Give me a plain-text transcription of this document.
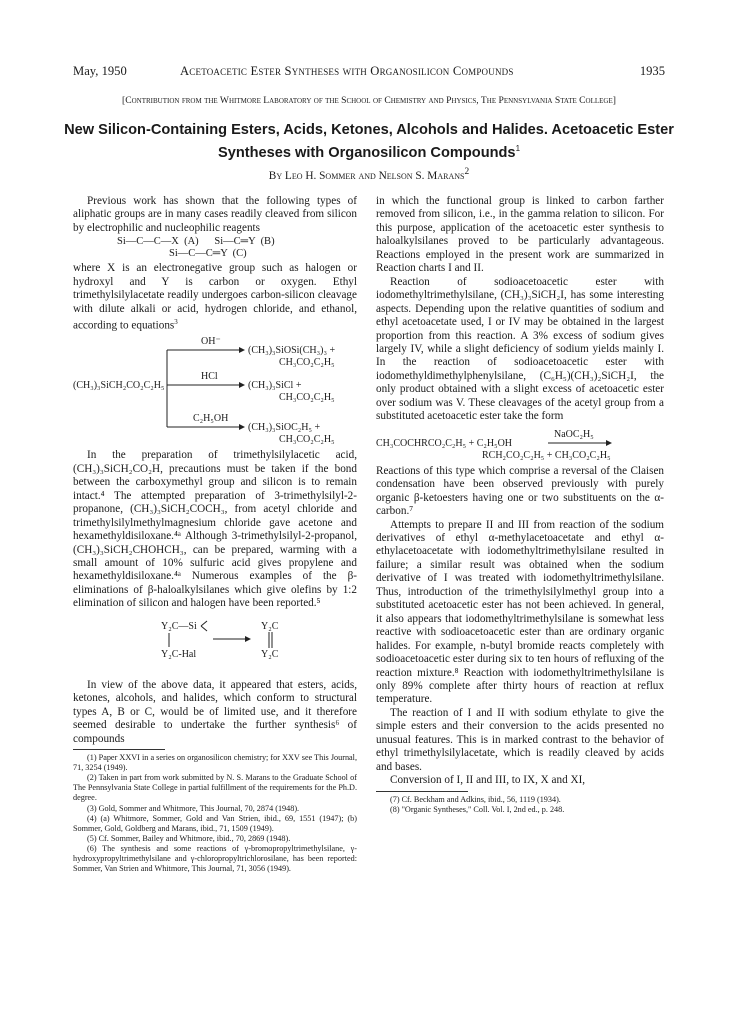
May, 1950	Acetoacetic Ester Syntheses with Organosilicon Compounds	1935
[Contribution from the Whitmore Laboratory of the School of Chemistry and Physics, The Pennsylvania State College]
New Silicon-Containing Esters, Acids, Ketones, Alcohols and Halides. Acetoacetic Ester Syntheses with Organosilicon Compounds$^1$
By Leo H. Sommer and Nelson S. Marans$^2$

Previous work has shown that the following types of aliphatic groups are in many cases readily cleaved from silicon by electrophilic and nucleophilic reagents

Si—C—C—X  (A)      Si—C═Y  (B)
Si—C—C═Y  (C)

where X is an electronegative group such as halogen or hydroxyl and Y is carbon or oxygen. Ethyl trimethylsilylacetate readily undergoes carbon-silicon cleavage with dilute alkali or acid, hydrogen chloride, and ethanol, according to equations$^3$

OH⁻
(CH₃)₃SiOSi(CH₃)₃ +
CH₃CO₂C₂H₅
(CH₃)₃SiCH₂CO₂C₂H₅
HCl
(CH₃)₃SiCl +
CH₃CO₂C₂H₅
C₂H₅OH
(CH₃)₃SiOC₂H₅ +
CH₃CO₂C₂H₅

In the preparation of trimethylsilylacetic acid, (CH₃)₃SiCH₂CO₂H, precautions must be taken if the bond between the carboxymethyl group and silicon is to remain intact.⁴ The attempted preparation of 3-trimethylsilyl-2-propanone, (CH₃)₃SiCH₂COCH₃, from acetyl chloride and trimethylsilylmethylmagnesium chloride gave acetone and hexamethyldisiloxane.⁴ᵃ Although 3-trimethylsilyl-2-propanol, (CH₃)₃SiCH₂CHOHCH₃, can be prepared, warming with a small amount of 10% sulfuric acid gives propylene and hexamethyldisiloxane.⁴ᵃ Numerous examples of the β-eliminations of β-haloalkylsilanes which give olefins by 1:2 elimination of silicon and halogen have been reported.⁵

Y₂C—Si
Y₂C-Hal
Y₂C
Y₂C

In view of the above data, it appeared that esters, acids, ketones, alcohols, and halides, which conform to structural types A, B or C, would be of limited use, and it therefore seemed desirable to undertake the further synthesis⁶ of compounds

(1) Paper XXVI in a series on organosilicon chemistry; for XXV see This Journal, 71, 3254 (1949).

(2) Taken in part from work submitted by N. S. Marans to the Graduate School of The Pennsylvania State College in partial fulfillment of the requirements for the Ph.D. degree.

(3) Gold, Sommer and Whitmore, This Journal, 70, 2874 (1948).

(4) (a) Whitmore, Sommer, Gold and Van Strien, ibid., 69, 1551 (1947); (b) Sommer, Gold, Goldberg and Marans, ibid., 71, 1509 (1949).

(5) Cf. Sommer, Bailey and Whitmore, ibid., 70, 2869 (1948).

(6) The synthesis and some reactions of γ-bromopropyltrimethylsilane, γ-hydroxypropyltrimethylsilane and γ-chloropropyltrichlorosilane, has been reported: Sommer, Van Strien and Whitmore, This Journal, 71, 3056 (1949).

in which the functional group is linked to carbon farther removed from silicon, i.e., in the gamma relation to silicon. For this purpose, application of the acetoacetic ester synthesis to haloalkylsilanes proved to be particularly advantageous. Reactions employed in the present work are summarized in Reaction charts I and II.

Reaction of sodioacetoacetic ester with iodomethyltrimethylsilane, (CH₃)₃SiCH₂I, has some interesting aspects. Depending upon the relative quantities of sodium and ethyl acetoacetate used, I or IV may be obtained in the largest proportion from this reaction. A 3% excess of sodium gives largely IV, while a slight deficiency of sodium yields mainly I. In the reaction of sodioacetoacetic ester with iodomethyldimethylphenylsilane, (C₆H₅)(CH₃)₂SiCH₂I, the only product obtained with a slight excess of acetoacetic ester over sodium was V. These cleavages of the acetyl group from a substituted acetoacetic ester take the form

CH₃COCHRCO₂C₂H₅ + C₂H₅OH
NaOC₂H₅
RCH₂CO₂C₂H₅ + CH₃CO₂C₂H₅

Reactions of this type which comprise a reversal of the Claisen condensation have been observed previously with purely organic β-ketoesters having one or two substituents on the α-carbon.⁷

Attempts to prepare II and III from reaction of the sodium derivatives of ethyl α-methylacetoacetate and ethyl α-ethylacetoacetate with iodomethyltrimethylsilane resulted in failure; a similar result was obtained when the sodium derivative of I was treated with iodomethyltrimethylsilane. Thus, introduction of the trimethylsilylmethyl group into a substituted acetoacetic ester has not been achieved. In general, it also appears that iodomethyltrimethylsilane is somewhat less reactive with sodioacetoacetic ester than are ordinary organic halides. For example, n-butyl bromide reacts completely with sodioacetoacetic ester during six to ten hours of refluxing of the reaction mixture.⁸ Reaction with iodomethyltrimethylsilane is only 89% complete after thirty hours of reaction at reflux temperature.

The reaction of I and II with sodium ethylate to give the simple esters and their conversion to the acids presented no unusual features. This is in marked contrast to the behavior of ethyl trimethylsilylacetate, which is readily cleaved by acids and bases.

Conversion of I, II and III, to IX, X and XI,

(7) Cf. Beckham and Adkins, ibid., 56, 1119 (1934).

(8) "Organic Syntheses," Coll. Vol. I, 2nd ed., p. 248.
